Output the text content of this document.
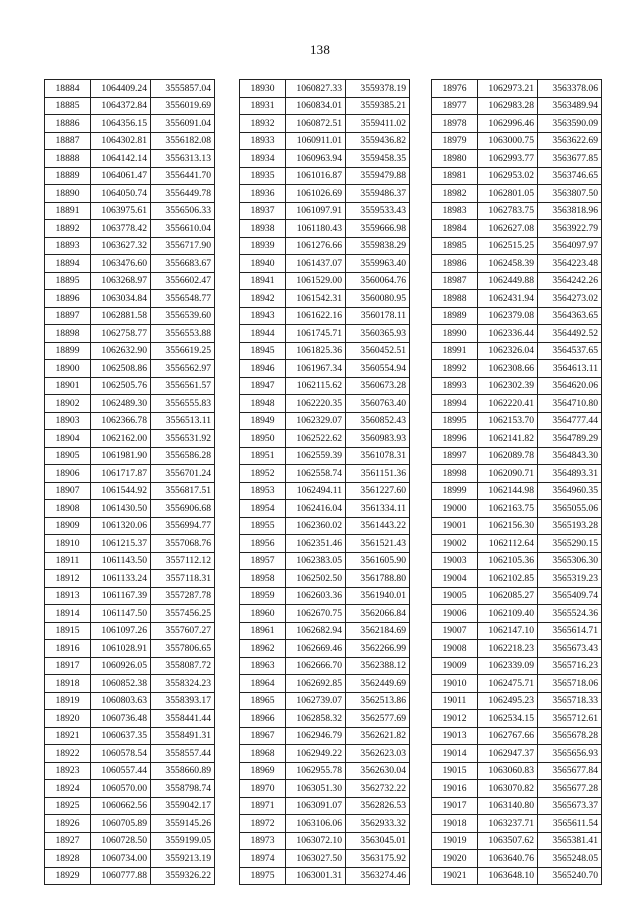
138
18884	1064409.24	3555857.04
18885	1064372.84	3556019.69
18886	1064356.15	3556091.04
18887	1064302.81	3556182.08
18888	1064142.14	3556313.13
18889	1064061.47	3556441.70
18890	1064050.74	3556449.78
18891	1063975.61	3556506.33
18892	1063778.42	3556610.04
18893	1063627.32	3556717.90
18894	1063476.60	3556683.67
18895	1063268.97	3556602.47
18896	1063034.84	3556548.77
18897	1062881.58	3556539.60
18898	1062758.77	3556553.88
18899	1062632.90	3556619.25
18900	1062508.86	3556562.97
18901	1062505.76	3556561.57
18902	1062489.30	3556555.83
18903	1062366.78	3556513.11
18904	1062162.00	3556531.92
18905	1061981.90	3556586.28
18906	1061717.87	3556701.24
18907	1061544.92	3556817.51
18908	1061430.50	3556906.68
18909	1061320.06	3556994.77
18910	1061215.37	3557068.76
18911	1061143.50	3557112.12
18912	1061133.24	3557118.31
18913	1061167.39	3557287.78
18914	1061147.50	3557456.25
18915	1061097.26	3557607.27
18916	1061028.91	3557806.65
18917	1060926.05	3558087.72
18918	1060852.38	3558324.23
18919	1060803.63	3558393.17
18920	1060736.48	3558441.44
18921	1060637.35	3558491.31
18922	1060578.54	3558557.44
18923	1060557.44	3558660.89
18924	1060570.00	3558798.74
18925	1060662.56	3559042.17
18926	1060705.89	3559145.26
18927	1060728.50	3559199.05
18928	1060734.00	3559213.19
18929	1060777.88	3559326.22
18930	1060827.33	3559378.19
18931	1060834.01	3559385.21
18932	1060872.51	3559411.02
18933	1060911.01	3559436.82
18934	1060963.94	3559458.35
18935	1061016.87	3559479.88
18936	1061026.69	3559486.37
18937	1061097.91	3559533.43
18938	1061180.43	3559666.98
18939	1061276.66	3559838.29
18940	1061437.07	3559963.40
18941	1061529.00	3560064.76
18942	1061542.31	3560080.95
18943	1061622.16	3560178.11
18944	1061745.71	3560365.93
18945	1061825.36	3560452.51
18946	1061967.34	3560554.94
18947	1062115.62	3560673.28
18948	1062220.35	3560763.40
18949	1062329.07	3560852.43
18950	1062522.62	3560983.93
18951	1062559.39	3561078.31
18952	1062558.74	3561151.36
18953	1062494.11	3561227.60
18954	1062416.04	3561334.11
18955	1062360.02	3561443.22
18956	1062351.46	3561521.43
18957	1062383.05	3561605.90
18958	1062502.50	3561788.80
18959	1062603.36	3561940.01
18960	1062670.75	3562066.84
18961	1062682.94	3562184.69
18962	1062669.46	3562266.99
18963	1062666.70	3562388.12
18964	1062692.85	3562449.69
18965	1062739.07	3562513.86
18966	1062858.32	3562577.69
18967	1062946.79	3562621.82
18968	1062949.22	3562623.03
18969	1062955.78	3562630.04
18970	1063051.30	3562732.22
18971	1063091.07	3562826.53
18972	1063106.06	3562933.32
18973	1063072.10	3563045.01
18974	1063027.50	3563175.92
18975	1063001.31	3563274.46
18976	1062973.21	3563378.06
18977	1062983.28	3563489.94
18978	1062996.46	3563590.09
18979	1063000.75	3563622.69
18980	1062993.77	3563677.85
18981	1062953.02	3563746.65
18982	1062801.05	3563807.50
18983	1062783.75	3563818.96
18984	1062627.08	3563922.79
18985	1062515.25	3564097.97
18986	1062458.39	3564223.48
18987	1062449.88	3564242.26
18988	1062431.94	3564273.02
18989	1062379.08	3564363.65
18990	1062336.44	3564492.52
18991	1062326.04	3564537.65
18992	1062308.66	3564613.11
18993	1062302.39	3564620.06
18994	1062220.41	3564710.80
18995	1062153.70	3564777.44
18996	1062141.82	3564789.29
18997	1062089.78	3564843.30
18998	1062090.71	3564893.31
18999	1062144.98	3564960.35
19000	1062163.75	3565055.06
19001	1062156.30	3565193.28
19002	1062112.64	3565290.15
19003	1062105.36	3565306.30
19004	1062102.85	3565319.23
19005	1062085.27	3565409.74
19006	1062109.40	3565524.36
19007	1062147.10	3565614.71
19008	1062218.23	3565673.43
19009	1062339.09	3565716.23
19010	1062475.71	3565718.06
19011	1062495.23	3565718.33
19012	1062534.15	3565712.61
19013	1062767.66	3565678.28
19014	1062947.37	3565656.93
19015	1063060.83	3565677.84
19016	1063070.82	3565677.28
19017	1063140.80	3565673.37
19018	1063237.71	3565611.54
19019	1063507.62	3565381.41
19020	1063640.76	3565248.05
19021	1063648.10	3565240.70
